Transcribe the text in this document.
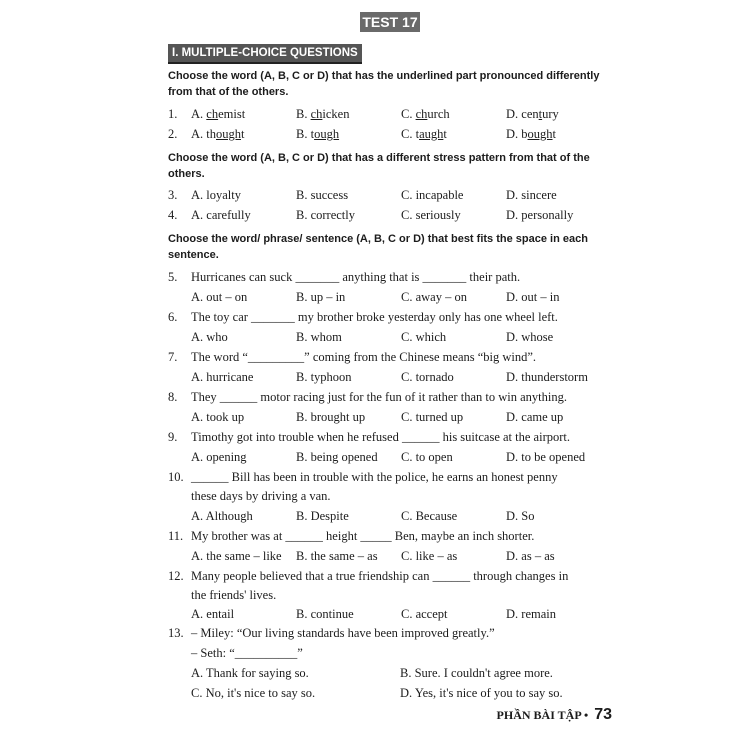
TEST 17
I. MULTIPLE-CHOICE QUESTIONS
Choose the word (A, B, C or D) that has the underlined part pronounced differently from that of the others.
1. A. chemist	B. chicken	C. church	D. century
2. A. thought	B. tough	C. taught	D. bought
Choose the word (A, B, C or D) that has a different stress pattern from that of the others.
3. A. loyalty	B. success	C. incapable	D. sincere
4. A. carefully	B. correctly	C. seriously	D. personally
Choose the word/ phrase/ sentence (A, B, C or D) that best fits the space in each sentence.
5. Hurricanes can suck _______ anything that is _______ their path.
A. out – on	B. up – in	C. away – on	D. out – in
6. The toy car _______ my brother broke yesterday only has one wheel left.
A. who	B. whom	C. which	D. whose
7. The word “_________” coming from the Chinese means “big wind”.
A. hurricane	B. typhoon	C. tornado	D. thunderstorm
8. They ______ motor racing just for the fun of it rather than to win anything.
A. took up	B. brought up	C. turned up	D. came up
9. Timothy got into trouble when he refused ______ his suitcase at the airport.
A. opening	B. being opened C. to open	D. to be opened
10. ______ Bill has been in trouble with the police, he earns an honest penny
these days by driving a van.
A. Although	B. Despite	C. Because	D. So
11. My brother was at ______ height _____ Ben, maybe an inch shorter.
A. the same – like B. the same – as C. like – as	D. as – as
12. Many people believed that a true friendship can ______ through changes in
the friends' lives.
A. entail	B. continue	C. accept	D. remain
13. – Miley: “Our living standards have been improved greatly.”
– Seth: “__________”
A. Thank for saying so.	B. Sure. I couldn't agree more.
C. No, it's nice to say so.	D. Yes, it's nice of you to say so.
PHẦN BÀI TẬP • 73
